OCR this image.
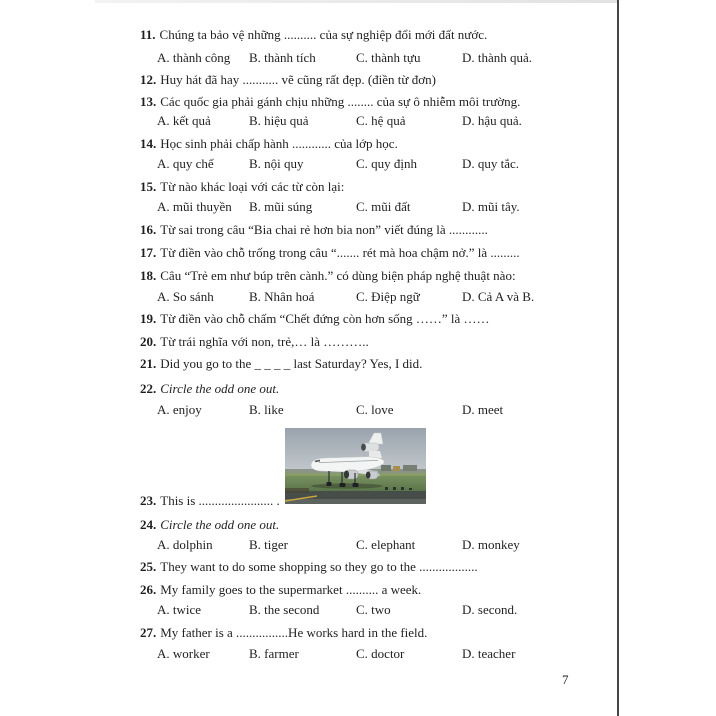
11. Chúng ta bảo vệ những .......... của sự nghiệp đổi mới đất nước.
A. thành công B. thành tích	C. thành tựu	D. thành quả.
12. Huy hát đã hay ........... vẽ cũng rất đẹp. (điền từ đơn)
13. Các quốc gia phải gánh chịu những ........ của sự ô nhiễm môi trường.
A. kết quả	B. hiệu quả	C. hệ quả	D. hậu quả.
14. Học sinh phải chấp hành ............ của lớp học.
A. quy chế	B. nội quy	C. quy định	D. quy tắc.
15. Từ nào khác loại với các từ còn lại:
A. mũi thuyền B. mũi súng	C. mũi đất	D. mũi tây.
16. Từ sai trong câu “Bia chai rẻ hơn bia non” viết đúng là ............
17. Từ điền vào chỗ trống trong câu “....... rét mà hoa chậm nở.” là .........
18. Câu “Trẻ em như búp trên cành.” có dùng biện pháp nghệ thuật nào:
A. So sánh	B. Nhân hoá	C. Điệp ngữ	D. Cả A và B.
19. Từ điền vào chỗ chấm “Chết đứng còn hơn sống ……” là ……
20. Từ trái nghĩa với non, trẻ,… là ………..
21. Did you go to the _ _ _ _ last Saturday? Yes, I did.
22. Circle the odd one out.
A. enjoy	B. like	C. love	D. meet
23. This is ....................... .
24. Circle the odd one out.
A. dolphin	B. tiger	C. elephant	D. monkey
25. They want to do some shopping so they go to the ..................
26. My family goes to the supermarket .......... a week.
A. twice	B. the second	C. two	D. second.
27. My father is a ................He works hard in the field.
A. worker	B. farmer	C. doctor	D. teacher
7
